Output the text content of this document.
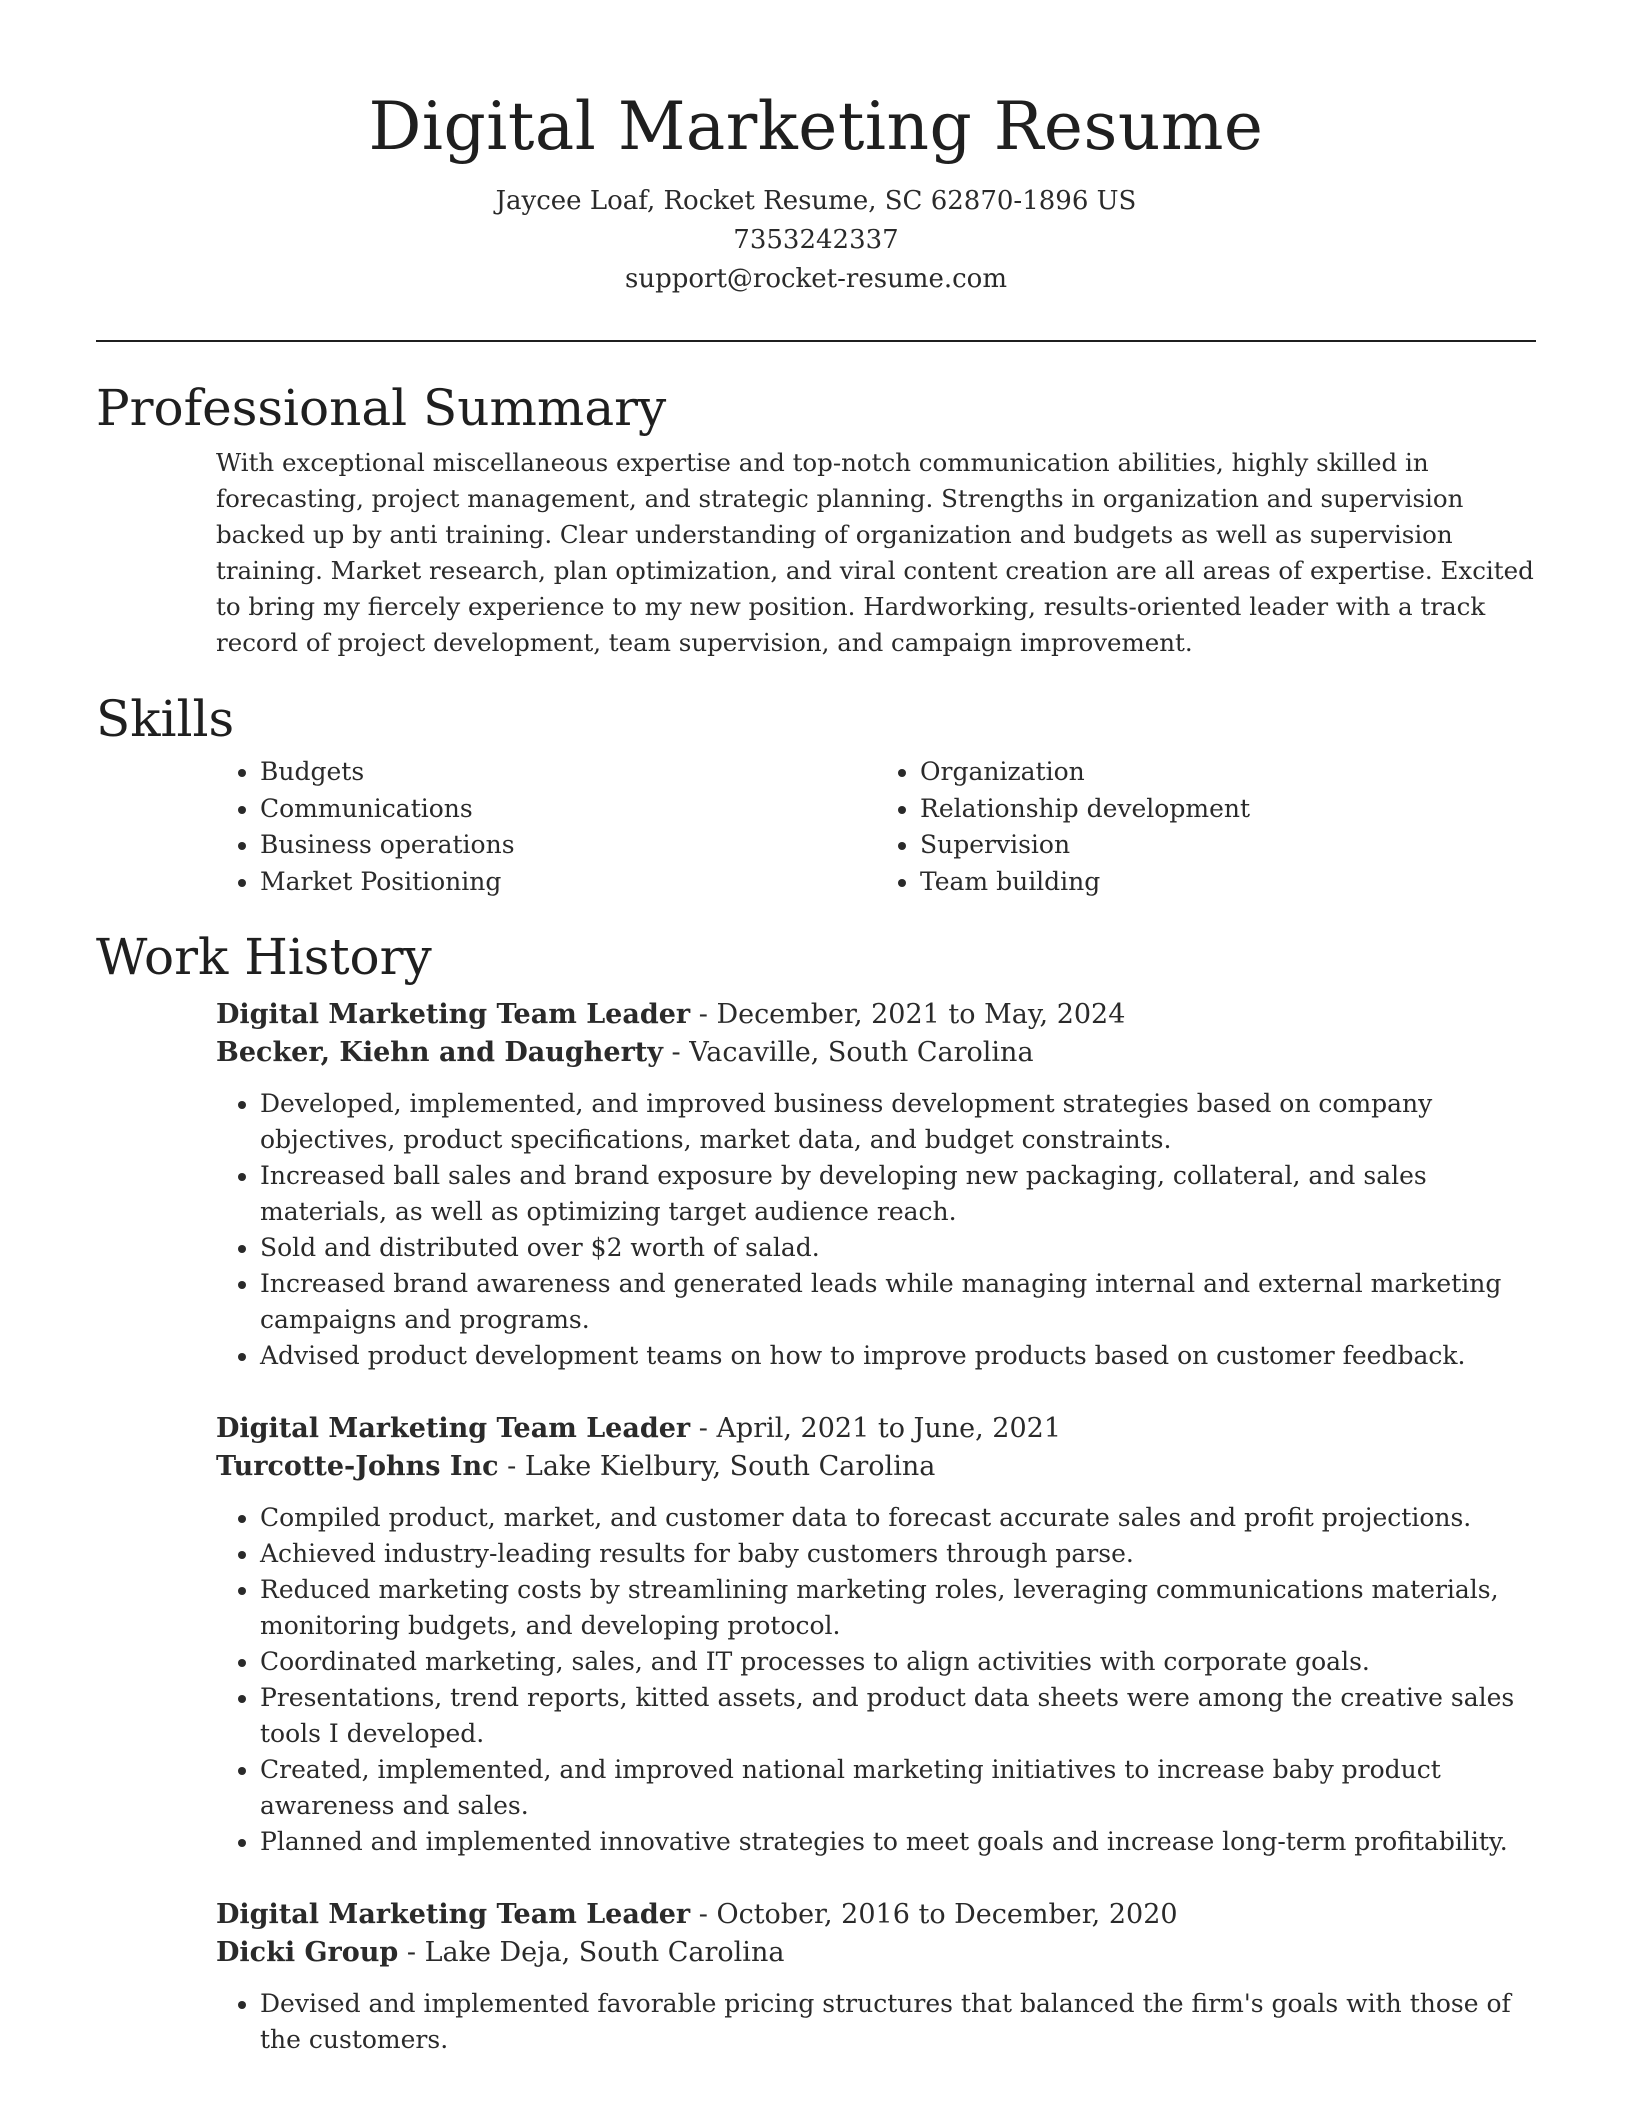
Digital Marketing Resume
Jaycee Loaf, Rocket Resume, SC 62870-1896 US
7353242337
support@rocket-resume.com
Professional Summary

With exceptional miscellaneous expertise and top-notch communication abilities, highly skilled in forecasting, project management, and strategic planning. Strengths in organization and supervision backed up by anti training. Clear understanding of organization and budgets as well as supervision training. Market research, plan optimization, and viral content creation are all areas of expertise. Excited to bring my fiercely experience to my new position. Hardworking, results-oriented leader with a track record of project development, team supervision, and campaign improvement.

Skills
• Budgets
• Communications
• Business operations
• Market Positioning
• Organization
• Relationship development
• Supervision
• Team building
Work History
Digital Marketing Team Leader - December, 2021 to May, 2024
Becker, Kiehn and Daugherty - Vacaville, South Carolina
• Developed, implemented, and improved business development strategies based on company objectives, product specifications, market data, and budget constraints.
• Increased ball sales and brand exposure by developing new packaging, collateral, and sales materials, as well as optimizing target audience reach.
• Sold and distributed over $2 worth of salad.
• Increased brand awareness and generated leads while managing internal and external marketing campaigns and programs.
• Advised product development teams on how to improve products based on customer feedback.
Digital Marketing Team Leader - April, 2021 to June, 2021
Turcotte-Johns Inc - Lake Kielbury, South Carolina
• Compiled product, market, and customer data to forecast accurate sales and profit projections.
• Achieved industry-leading results for baby customers through parse.
• Reduced marketing costs by streamlining marketing roles, leveraging communications materials, monitoring budgets, and developing protocol.
• Coordinated marketing, sales, and IT processes to align activities with corporate goals.
• Presentations, trend reports, kitted assets, and product data sheets were among the creative sales tools I developed.
• Created, implemented, and improved national marketing initiatives to increase baby product awareness and sales.
• Planned and implemented innovative strategies to meet goals and increase long-term profitability.
Digital Marketing Team Leader - October, 2016 to December, 2020
Dicki Group - Lake Deja, South Carolina
• Devised and implemented favorable pricing structures that balanced the firm's goals with those of the customers.
